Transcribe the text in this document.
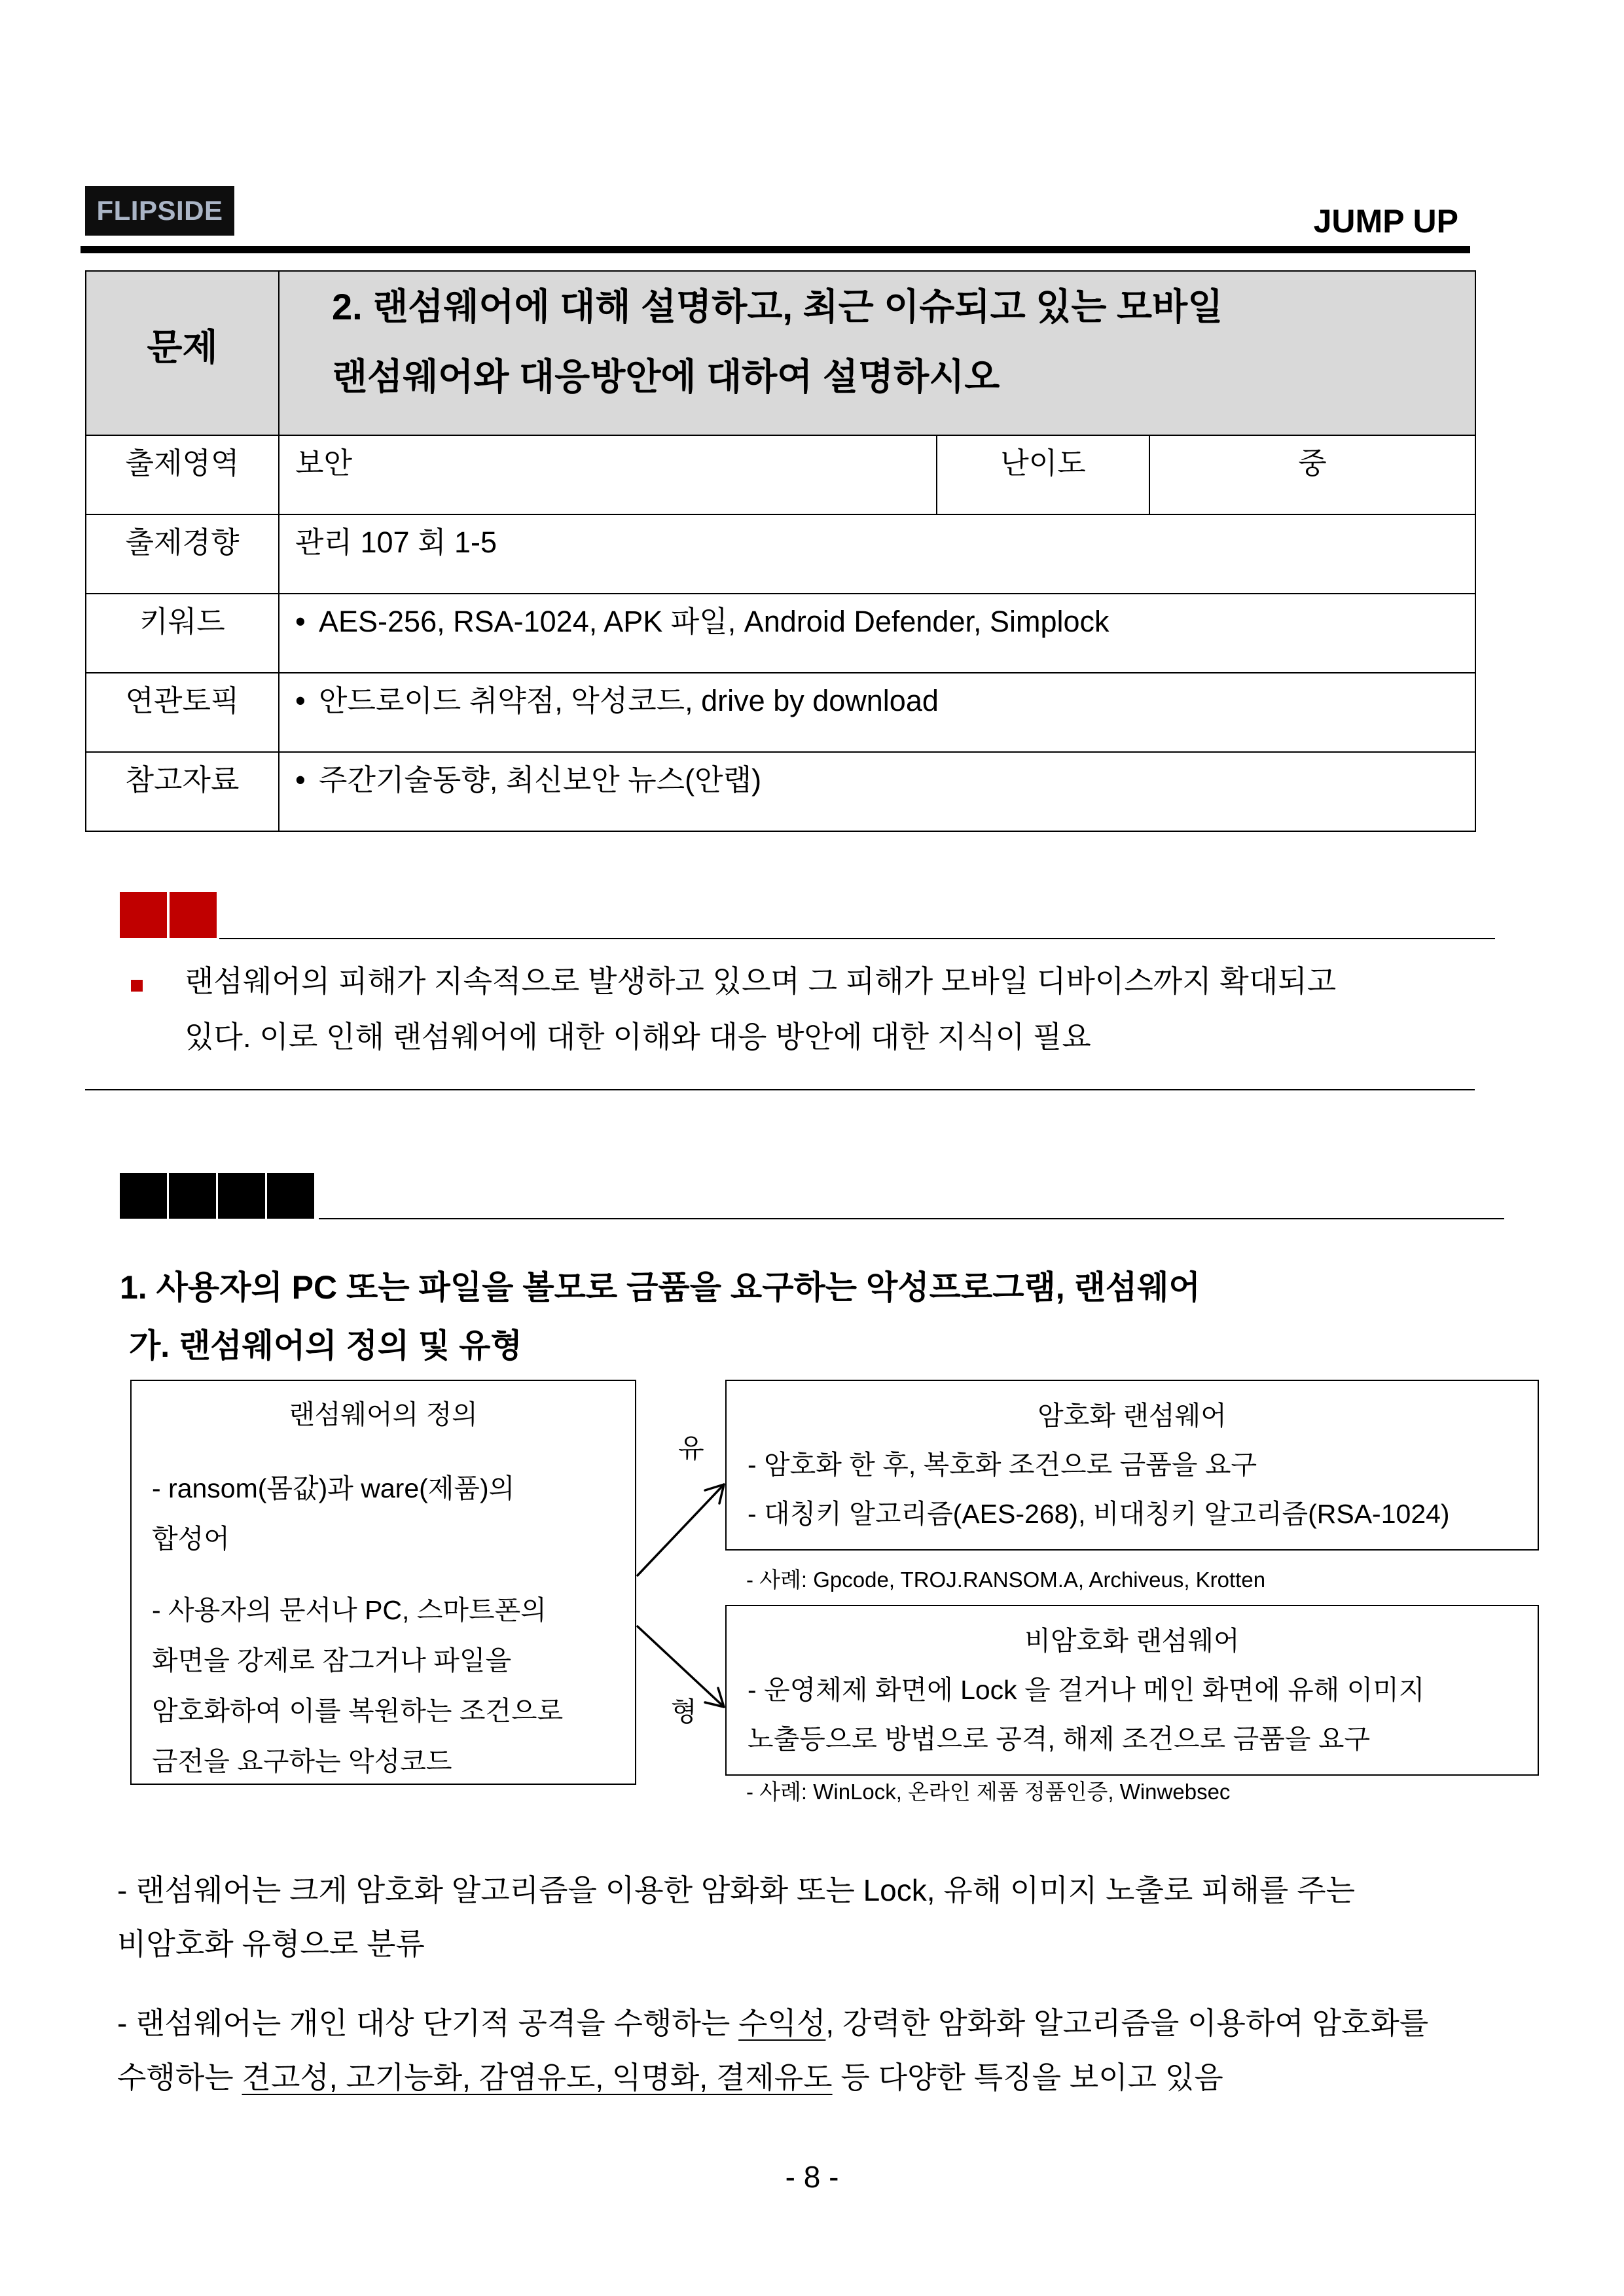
FLIPSIDE	JUMP UP
문제	2. 랜섬웨어에 대해 설명하고, 최근 이슈되고 있는 모바일
랜섬웨어와 대응방안에 대하여 설명하시오		

출제영역	보안	난이도	중
출제경향	관리 107 회 1-5		
키워드	•AES-256, RSA-1024, APK 파일, Android Defender, Simplock
연관토픽	•안드로이드 취약점, 악성코드, drive by download
참고자료	•주간기술동향, 최신보안 뉴스(안랩)
랜섬웨어의 피해가 지속적으로 발생하고 있으며 그 피해가 모바일 디바이스까지 확대되고
있다. 이로 인해 랜섬웨어에 대한 이해와 대응 방안에 대한 지식이 필요
1. 사용자의 PC 또는 파일을 볼모로 금품을 요구하는 악성프로그램, 랜섬웨어
가. 랜섬웨어의 정의 및 유형
랜섬웨어의 정의
- ransom(몸값)과 ware(제품)의
합성어
- 사용자의 문서나 PC, 스마트폰의
화면을 강제로 잠그거나 파일을
암호화하여 이를 복원하는 조건으로
금전을 요구하는 악성코드
유
형
암호화 랜섬웨어
- 암호화 한 후, 복호화 조건으로 금품을 요구
- 대칭키 알고리즘(AES-268), 비대칭키 알고리즘(RSA-1024)
- 사례: Gpcode, TROJ.RANSOM.A, Archiveus, Krotten
비암호화 랜섬웨어
- 운영체제 화면에 Lock 을 걸거나 메인 화면에 유해 이미지
노출등으로 방법으로 공격, 해제 조건으로 금품을 요구
- 사례: WinLock, 온라인 제품 정품인증, Winwebsec
- 랜섬웨어는 크게 암호화 알고리즘을 이용한 암화화 또는 Lock, 유해 이미지 노출로 피해를 주는
비암호화 유형으로 분류
- 랜섬웨어는 개인 대상 단기적 공격을 수행하는 수익성, 강력한 암화화 알고리즘을 이용하여 암호화를
수행하는 견고성, 고기능화, 감염유도, 익명화, 결제유도 등 다양한 특징을 보이고 있음
- 8 -
